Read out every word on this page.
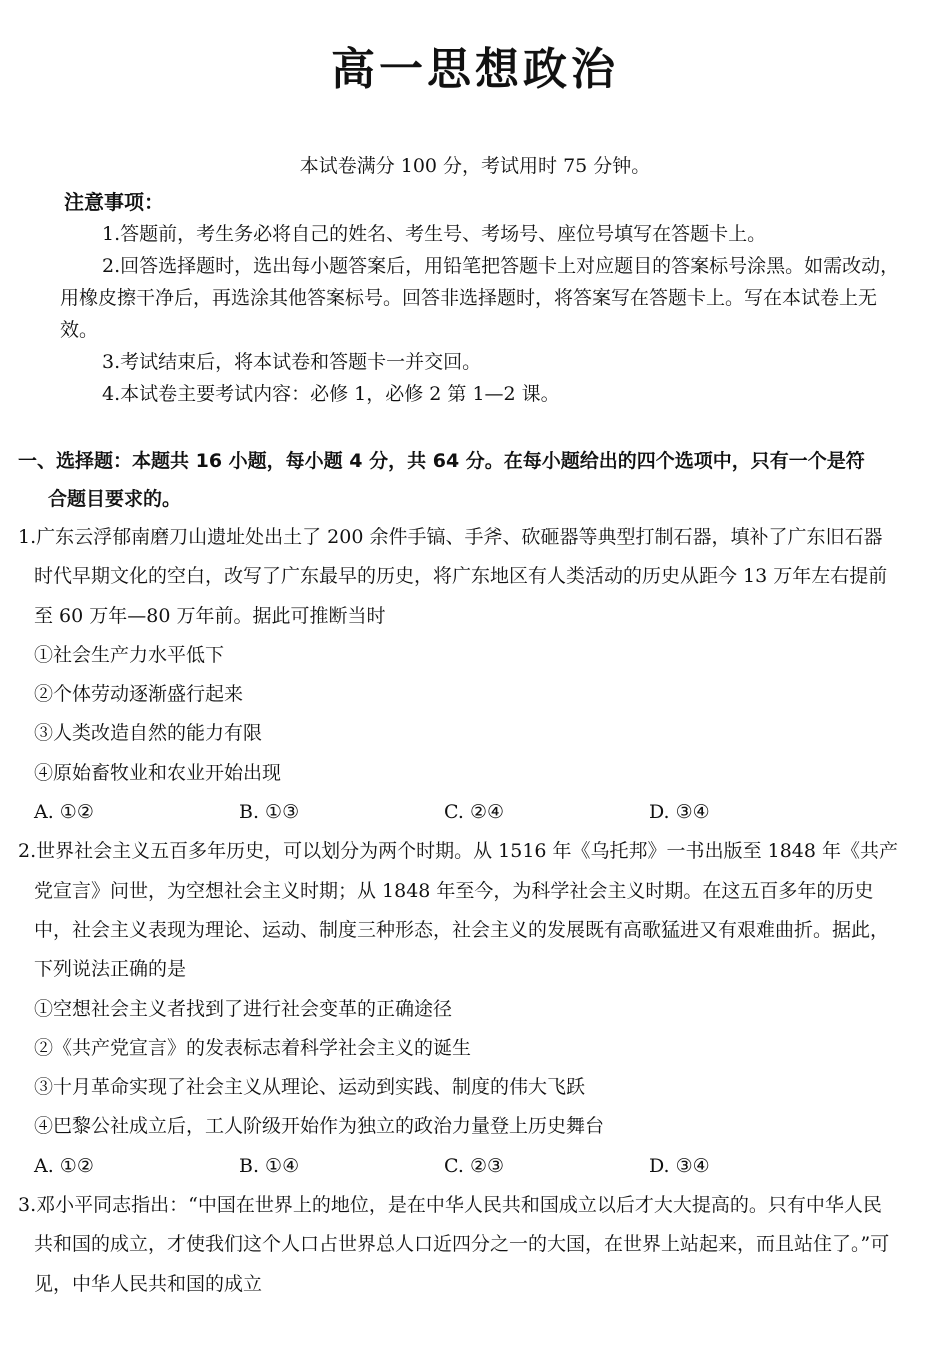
高一思想政治
本试卷满分 100 分，考试用时 75 分钟。
注意事项：
1.答题前，考生务必将自己的姓名、考生号、考场号、座位号填写在答题卡上。
2.回答选择题时，选出每小题答案后，用铅笔把答题卡上对应题目的答案标号涂黑。如需改动，用橡皮擦干净后，再选涂其他答案标号。回答非选择题时，将答案写在答题卡上。写在本试卷上无效。
3.考试结束后，将本试卷和答题卡一并交回。
4.本试卷主要考试内容：必修 1，必修 2 第 1—2 课。
一、选择题：本题共 16 小题，每小题 4 分，共 64 分。在每小题给出的四个选项中，只有一个是符
合题目要求的。
1.广东云浮郁南磨刀山遗址处出土了 200 余件手镐、手斧、砍砸器等典型打制石器，填补了广东旧石器时代早期文化的空白，改写了广东最早的历史，将广东地区有人类活动的历史从距今 13 万年左右提前至 60 万年—80 万年前。据此可推断当时
①社会生产力水平低下
②个体劳动逐渐盛行起来
③人类改造自然的能力有限
④原始畜牧业和农业开始出现
A. ①②	B. ①③	C. ②④	D. ③④
2.世界社会主义五百多年历史，可以划分为两个时期。从 1516 年《乌托邦》一书出版至 1848 年《共产党宣言》问世，为空想社会主义时期；从 1848 年至今，为科学社会主义时期。在这五百多年的历史中，社会主义表现为理论、运动、制度三种形态，社会主义的发展既有高歌猛进又有艰难曲折。据此，下列说法正确的是
①空想社会主义者找到了进行社会变革的正确途径
②《共产党宣言》的发表标志着科学社会主义的诞生
③十月革命实现了社会主义从理论、运动到实践、制度的伟大飞跃
④巴黎公社成立后，工人阶级开始作为独立的政治力量登上历史舞台
A. ①②	B. ①④	C. ②③	D. ③④
3.邓小平同志指出：“中国在世界上的地位，是在中华人民共和国成立以后才大大提高的。只有中华人民共和国的成立，才使我们这个人口占世界总人口近四分之一的大国，在世界上站起来，而且站住了。”可见，中华人民共和国的成立
